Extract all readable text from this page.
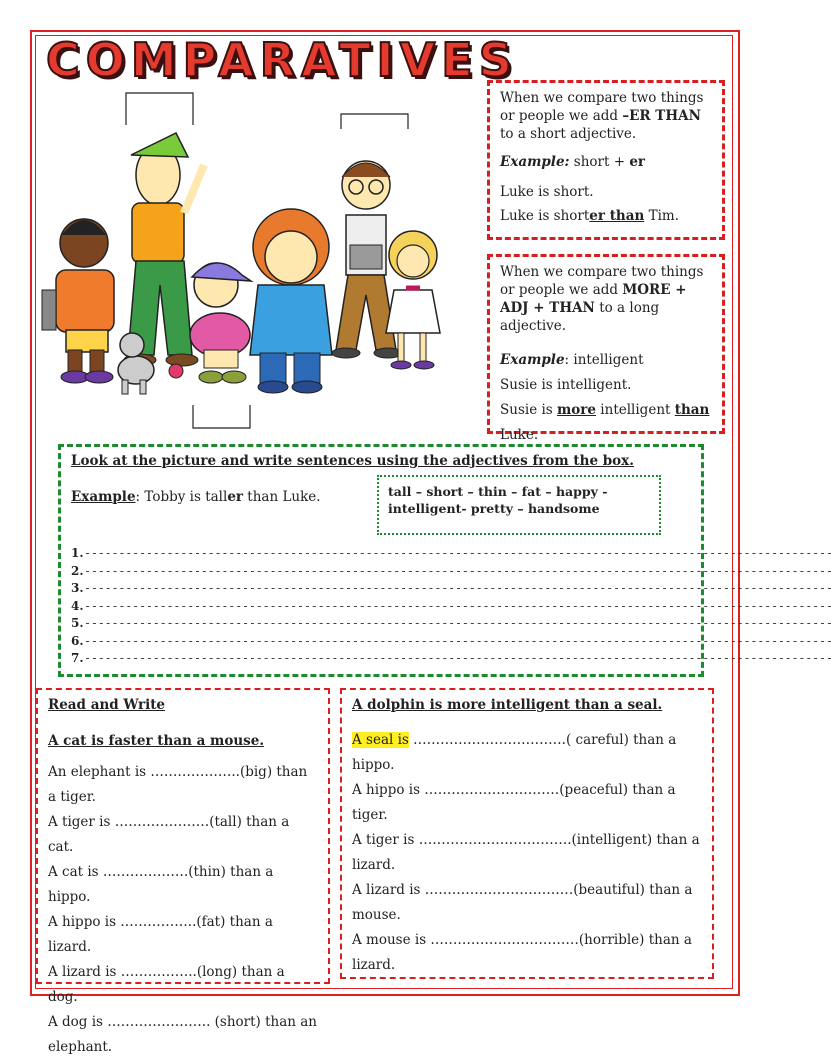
COMPARATIVES

When we compare two things or people we add –ER THAN to a short adjective.

Example: short + er

Luke is short.

Luke is shorter than Tim.

When we compare two things or people we add MORE + ADJ + THAN to a long adjective.

Example: intelligent

Susie is intelligent.

Susie is more intelligent than

Luke.

Look at the picture and write sentences using the adjectives from the box.
Example: Tobby is taller than Luke.	tall – short – thin – fat – happy - intelligent- pretty – handsome
1. - - - - - - - - - - - - - - - - - - - - - - - - - - - - - - - - - - - - - - - - - - - - - - - - - - - - - - - - - - - - - - - - - - - - - - - - - - - - - - - - - - - - - - - - - - - - - - - - - - - - - - - - - - - - -
2. - - - - - - - - - - - - - - - - - - - - - - - - - - - - - - - - - - - - - - - - - - - - - - - - - - - - - - - - - - - - - - - - - - - - - - - - - - - - - - - - - - - - - - - - - - - - - - - - - - - - - - - - - - - - -
3. - - - - - - - - - - - - - - - - - - - - - - - - - - - - - - - - - - - - - - - - - - - - - - - - - - - - - - - - - - - - - - - - - - - - - - - - - - - - - - - - - - - - - - - - - - - - - - - - - - - - - - - - - - - - -
4. - - - - - - - - - - - - - - - - - - - - - - - - - - - - - - - - - - - - - - - - - - - - - - - - - - - - - - - - - - - - - - - - - - - - - - - - - - - - - - - - - - - - - - - - - - - - - - - - - - - - - - - - - - - - -
5. - - - - - - - - - - - - - - - - - - - - - - - - - - - - - - - - - - - - - - - - - - - - - - - - - - - - - - - - - - - - - - - - - - - - - - - - - - - - - - - - - - - - - - - - - - - - - - - - - - - - - - - - - - - - -
6. - - - - - - - - - - - - - - - - - - - - - - - - - - - - - - - - - - - - - - - - - - - - - - - - - - - - - - - - - - - - - - - - - - - - - - - - - - - - - - - - - - - - - - - - - - - - - - - - - - - - - - - - - - - - -
7. - - - - - - - - - - - - - - - - - - - - - - - - - - - - - - - - - - - - - - - - - - - - - - - - - - - - - - - - - - - - - - - - - - - - - - - - - - - - - - - - - - - - - - - - - - - - - - - - - - - - - - - - - - - - -

Read and Write

A cat is faster than a mouse.

An elephant is ………………..(big) than a tiger.

A tiger is …………………(tall) than a cat.

A cat is ……………….(thin) than a hippo.

A hippo is ……………..(fat) than a lizard.

A lizard is ……………..(long) than a dog.

A dog is ………………….. (short) than an elephant.

A dolphin is more intelligent than a seal.

A seal is …………………………….( careful) than a hippo.

A hippo is …………………………(peaceful) than a tiger.

A tiger is …………………………….(intelligent) than a lizard.

A lizard is ……………………………(beautiful) than a mouse.

A mouse is ……………………………(horrible) than a lizard.
